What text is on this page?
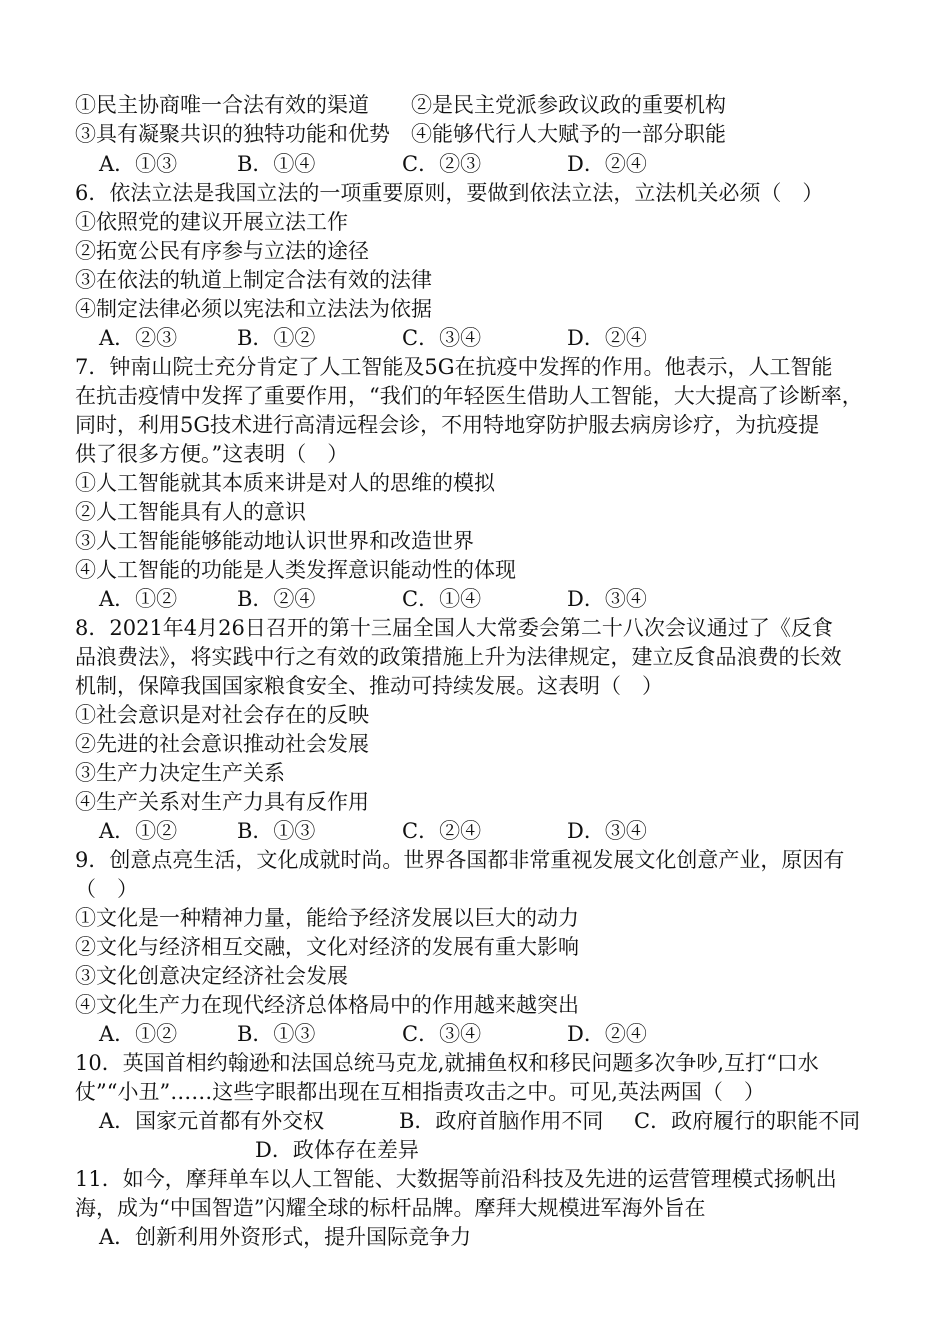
①民主协商唯一合法有效的渠道　　②是民主党派参政议政的重要机构
③具有凝聚共识的独特功能和优势　④能够代行人大赋予的一部分职能
A．①③	B．①④	C．②③	D．②④
6．依法立法是我国立法的一项重要原则，要做到依法立法，立法机关必须（　）
①依照党的建议开展立法工作
②拓宽公民有序参与立法的途径
③在依法的轨道上制定合法有效的法律
④制定法律必须以宪法和立法法为依据
A．②③	B．①②	C．③④	D．②④
7．钟南山院士充分肯定了人工智能及5G在抗疫中发挥的作用。他表示，人工智能
在抗击疫情中发挥了重要作用，“我们的年轻医生借助人工智能，大大提高了诊断率，
同时，利用5G技术进行高清远程会诊，不用特地穿防护服去病房诊疗，为抗疫提
供了很多方便。”这表明（　）
①人工智能就其本质来讲是对人的思维的模拟
②人工智能具有人的意识
③人工智能能够能动地认识世界和改造世界
④人工智能的功能是人类发挥意识能动性的体现
A．①②	B．②④	C．①④	D．③④
8．2021年4月26日召开的第十三届全国人大常委会第二十八次会议通过了《反食
品浪费法》，将实践中行之有效的政策措施上升为法律规定，建立反食品浪费的长效
机制，保障我国国家粮食安全、推动可持续发展。这表明（　）
①社会意识是对社会存在的反映
②先进的社会意识推动社会发展
③生产力决定生产关系
④生产关系对生产力具有反作用
A．①②	B．①③	C．②④	D．③④
9．创意点亮生活，文化成就时尚。世界各国都非常重视发展文化创意产业，原因有
（　）
①文化是一种精神力量，能给予经济发展以巨大的动力
②文化与经济相互交融，文化对经济的发展有重大影响
③文化创意决定经济社会发展
④文化生产力在现代经济总体格局中的作用越来越突出
A．①②	B．①③	C．③④	D．②④
10．英国首相约翰逊和法国总统马克龙,就捕鱼权和移民问题多次争吵,互打“口水
仗”“小丑”……这些字眼都出现在互相指责攻击之中。可见,英法两国（　）
A．国家元首都有外交权	B．政府首脑作用不同 C．政府履行的职能不同
D．政体存在差异
11．如今，摩拜单车以人工智能、大数据等前沿科技及先进的运营管理模式扬帆出
海，成为“中国智造”闪耀全球的标杆品牌。摩拜大规模进军海外旨在
A．创新利用外资形式，提升国际竞争力
